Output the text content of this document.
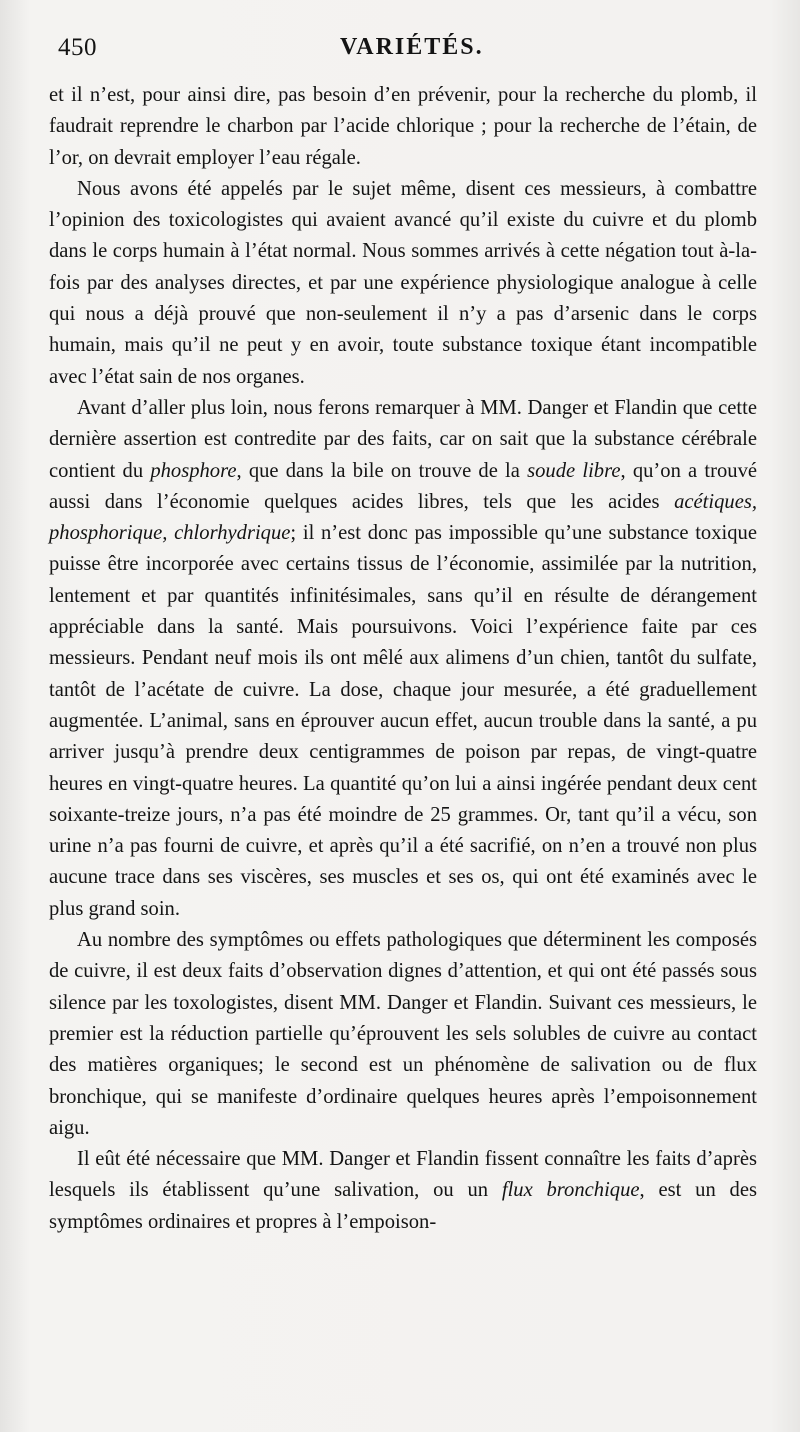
450	VARIÉTÉS.

et il n’est, pour ainsi dire, pas besoin d’en prévenir, pour la recherche du plomb, il faudrait reprendre le charbon par l’acide chlorique ; pour la recherche de l’étain, de l’or, on devrait employer l’eau régale.

Nous avons été appelés par le sujet même, disent ces messieurs, à combattre l’opinion des toxicologistes qui avaient avancé qu’il existe du cuivre et du plomb dans le corps humain à l’état normal. Nous sommes arrivés à cette négation tout à-la-fois par des analyses directes, et par une expérience physiologique analogue à celle qui nous a déjà prouvé que non-seulement il n’y a pas d’arsenic dans le corps humain, mais qu’il ne peut y en avoir, toute substance toxique étant incompatible avec l’état sain de nos organes.

Avant d’aller plus loin, nous ferons remarquer à MM. Danger et Flandin que cette dernière assertion est contredite par des faits, car on sait que la substance cérébrale contient du phosphore, que dans la bile on trouve de la soude libre, qu’on a trouvé aussi dans l’économie quelques acides libres, tels que les acides acétiques, phosphorique, chlorhydrique; il n’est donc pas impossible qu’une substance toxique puisse être incorporée avec certains tissus de l’économie, assimilée par la nutrition, lentement et par quantités infinitésimales, sans qu’il en résulte de dérangement appréciable dans la santé. Mais poursuivons. Voici l’expérience faite par ces messieurs. Pendant neuf mois ils ont mêlé aux alimens d’un chien, tantôt du sulfate, tantôt de l’acétate de cuivre. La dose, chaque jour mesurée, a été graduellement augmentée. L’animal, sans en éprouver aucun effet, aucun trouble dans la santé, a pu arriver jusqu’à prendre deux centigrammes de poison par repas, de vingt-quatre heures en vingt-quatre heures. La quantité qu’on lui a ainsi ingérée pendant deux cent soixante-treize jours, n’a pas été moindre de 25 grammes. Or, tant qu’il a vécu, son urine n’a pas fourni de cuivre, et après qu’il a été sacrifié, on n’en a trouvé non plus aucune trace dans ses viscères, ses muscles et ses os, qui ont été examinés avec le plus grand soin.

Au nombre des symptômes ou effets pathologiques que déterminent les composés de cuivre, il est deux faits d’observation dignes d’attention, et qui ont été passés sous silence par les toxologistes, disent MM. Danger et Flandin. Suivant ces messieurs, le premier est la réduction partielle qu’éprouvent les sels solubles de cuivre au contact des matières organiques; le second est un phénomène de salivation ou de flux bronchique, qui se manifeste d’ordinaire quelques heures après l’empoisonnement aigu.

Il eût été nécessaire que MM. Danger et Flandin fissent connaître les faits d’après lesquels ils établissent qu’une salivation, ou un flux bronchique, est un des symptômes ordinaires et propres à l’empoison-
